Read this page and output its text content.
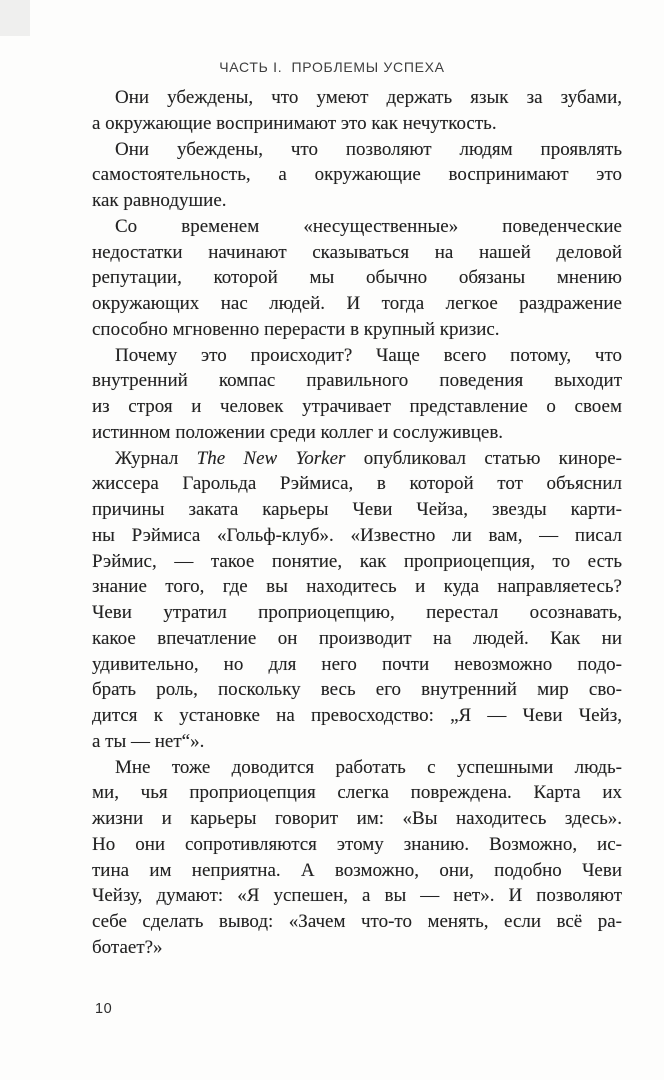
ЧАСТЬ I.  ПРОБЛЕМЫ УСПЕХА
Они убеждены, что умеют держать язык за зубами,
а окружающие воспринимают это как нечуткость.
Они убеждены, что позволяют людям проявлять
самостоятельность, а окружающие воспринимают это
как равнодушие.
Со временем «несущественные» поведенческие
недостатки начинают сказываться на нашей деловой
репутации, которой мы обычно обязаны мнению
окружающих нас людей. И тогда легкое раздражение
способно мгновенно перерасти в крупный кризис.
Почему это происходит? Чаще всего потому, что
внутренний компас правильного поведения выходит
из строя и человек утрачивает представление о своем
истинном положении среди коллег и сослуживцев.
Журнал The New Yorker опубликовал статью киноре-
жиссера Гарольда Рэймиса, в которой тот объяснил
причины заката карьеры Чеви Чейза, звезды карти-
ны Рэймиса «Гольф-клуб». «Известно ли вам, — писал
Рэймис, — такое понятие, как проприоцепция, то есть
знание того, где вы находитесь и куда направляетесь?
Чеви утратил проприоцепцию, перестал осознавать,
какое впечатление он производит на людей. Как ни
удивительно, но для него почти невозможно подо-
брать роль, поскольку весь его внутренний мир сво-
дится к установке на превосходство: „Я — Чеви Чейз,
а ты — нет“».
Мне тоже доводится работать с успешными людь-
ми, чья проприоцепция слегка повреждена. Карта их
жизни и карьеры говорит им: «Вы находитесь здесь».
Но они сопротивляются этому знанию. Возможно, ис-
тина им неприятна. А возможно, они, подобно Чеви
Чейзу, думают: «Я успешен, а вы — нет». И позволяют
себе сделать вывод: «Зачем что-то менять, если всё ра-
ботает?»
10
